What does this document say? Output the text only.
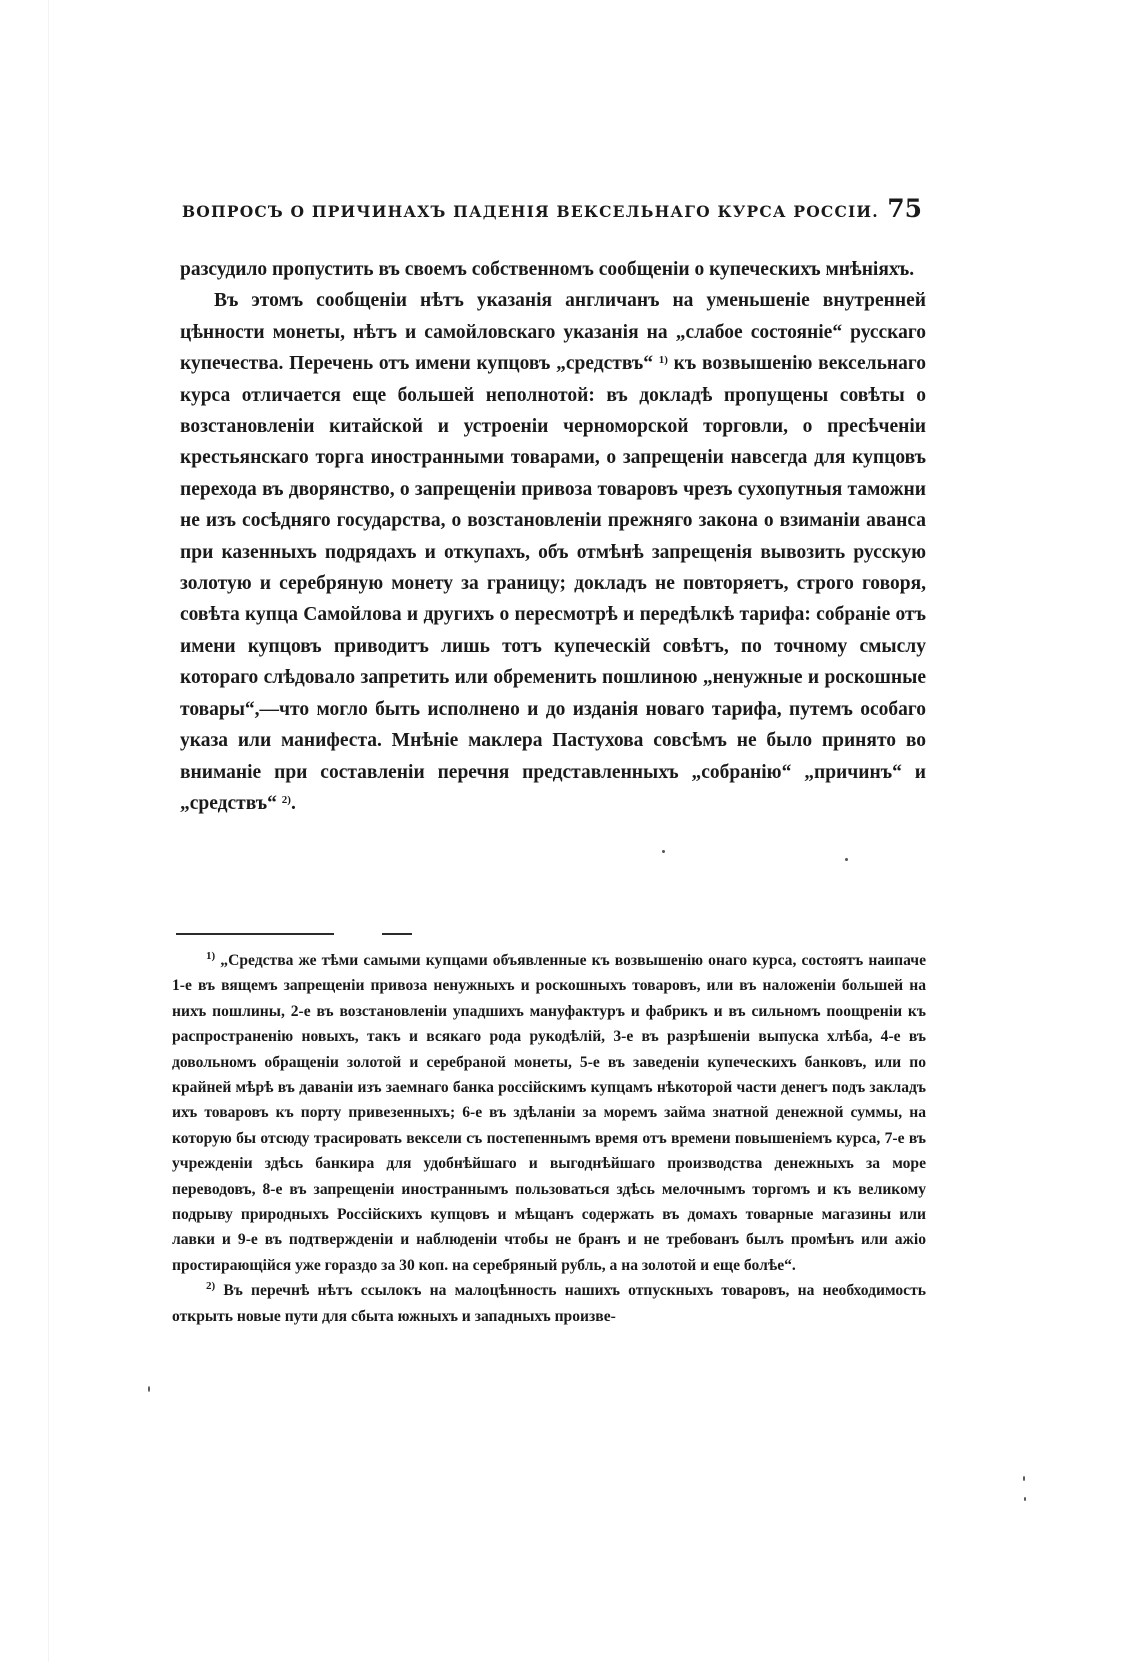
ВОПРОСЪ О ПРИЧИНАХЪ ПАДЕНIЯ ВЕКСЕЛЬНАГО КУРСА РОССIИ. 75

разсудило пропустить въ своемъ собственномъ сообщенiи о купеческихъ мнѣнiяхъ.

Въ этомъ сообщенiи нѣтъ указанiя англичанъ на уменьшенiе внутренней цѣнности монеты, нѣтъ и самойловскаго указанiя на „слабое состоянiе“ русскаго купечества. Перечень отъ имени купцовъ „средствъ“ $^{1)}$ къ возвышенiю вексельнаго курса отличается еще большей неполнотой: въ докладѣ пропущены совѣты о возстановленiи китайской и устроенiи черноморской торговли, о пресѣченiи крестьянскаго торга иностранными товарами, о запрещенiи навсегда для купцовъ перехода въ дворянство, о запрещенiи привоза товаровъ чрезъ сухопутныя таможни не изъ сосѣдняго государства, о возстановленiи прежняго закона о взиманiи аванса при казенныхъ подрядахъ и откупахъ, объ отмѣнѣ запрещенiя вывозить русскую золотую и серебряную монету за границу; докладъ не повторяетъ, строго говоря, совѣта купца Самойлова и другихъ о пересмотрѣ и передѣлкѣ тарифа: собранiе отъ имени купцовъ приводитъ лишь тотъ купеческiй совѣтъ, по точному смыслу котораго слѣдовало запретить или обременить пошлиною „ненужные и роскошные товары“,—что могло быть исполнено и до изданiя новаго тарифа, путемъ особаго указа или манифеста. Мнѣнiе маклера Пастухова совсѣмъ не было принято во вниманiе при составленiи перечня представленныхъ „собранiю“ „причинъ“ и „средствъ“ $^{2)}$.

$^{1)}$ „Средства же тѣми самыми купцами объявленные къ возвышенiю онаго курса, состоятъ наипаче 1-е въ вящемъ запрещенiи привоза ненужныхъ и роскошныхъ товаровъ, или въ наложенiи большей на нихъ пошлины, 2-е въ возстановленiи упадшихъ мануфактуръ и фабрикъ и въ сильномъ поощренiи къ распространенiю новыхъ, такъ и всякаго рода рукодѣлiй, 3-е въ разрѣшенiи выпуска хлѣба, 4-е въ довольномъ обращенiи золотой и серебраной монеты, 5-е въ заведенiи купеческихъ банковъ, или по крайней мѣрѣ въ даванiи изъ заемнаго банка россiйскимъ купцамъ нѣкоторой части денегъ подъ закладъ ихъ товаровъ къ порту привезенныхъ; 6-е въ здѣланiи за моремъ займа знатной денежной суммы, на которую бы отсюду трасировать вексели съ постепеннымъ время отъ времени повышенiемъ курса, 7-е въ учрежденiи здѣсь банкира для удобнѣйшаго и выгоднѣйшаго производства денежныхъ за море переводовъ, 8-е въ запрещенiи иностраннымъ пользоваться здѣсь мелочнымъ торгомъ и къ великому подрыву природныхъ Россiйскихъ купцовъ и мѣщанъ содержать въ домахъ товарные магазины или лавки и 9-е въ подтвержденiи и наблюденiи чтобы не бранъ и не требованъ былъ промѣнъ или ажiо простирающiйся уже гораздо за 30 коп. на серебряный рубль, а на золотой и еще болѣе“.

$^{2)}$ Въ перечнѣ нѣтъ ссылокъ на малоцѣнность нашихъ отпускныхъ товаровъ, на необходимость открыть новые пути для сбыта южныхъ и западныхъ произве-
